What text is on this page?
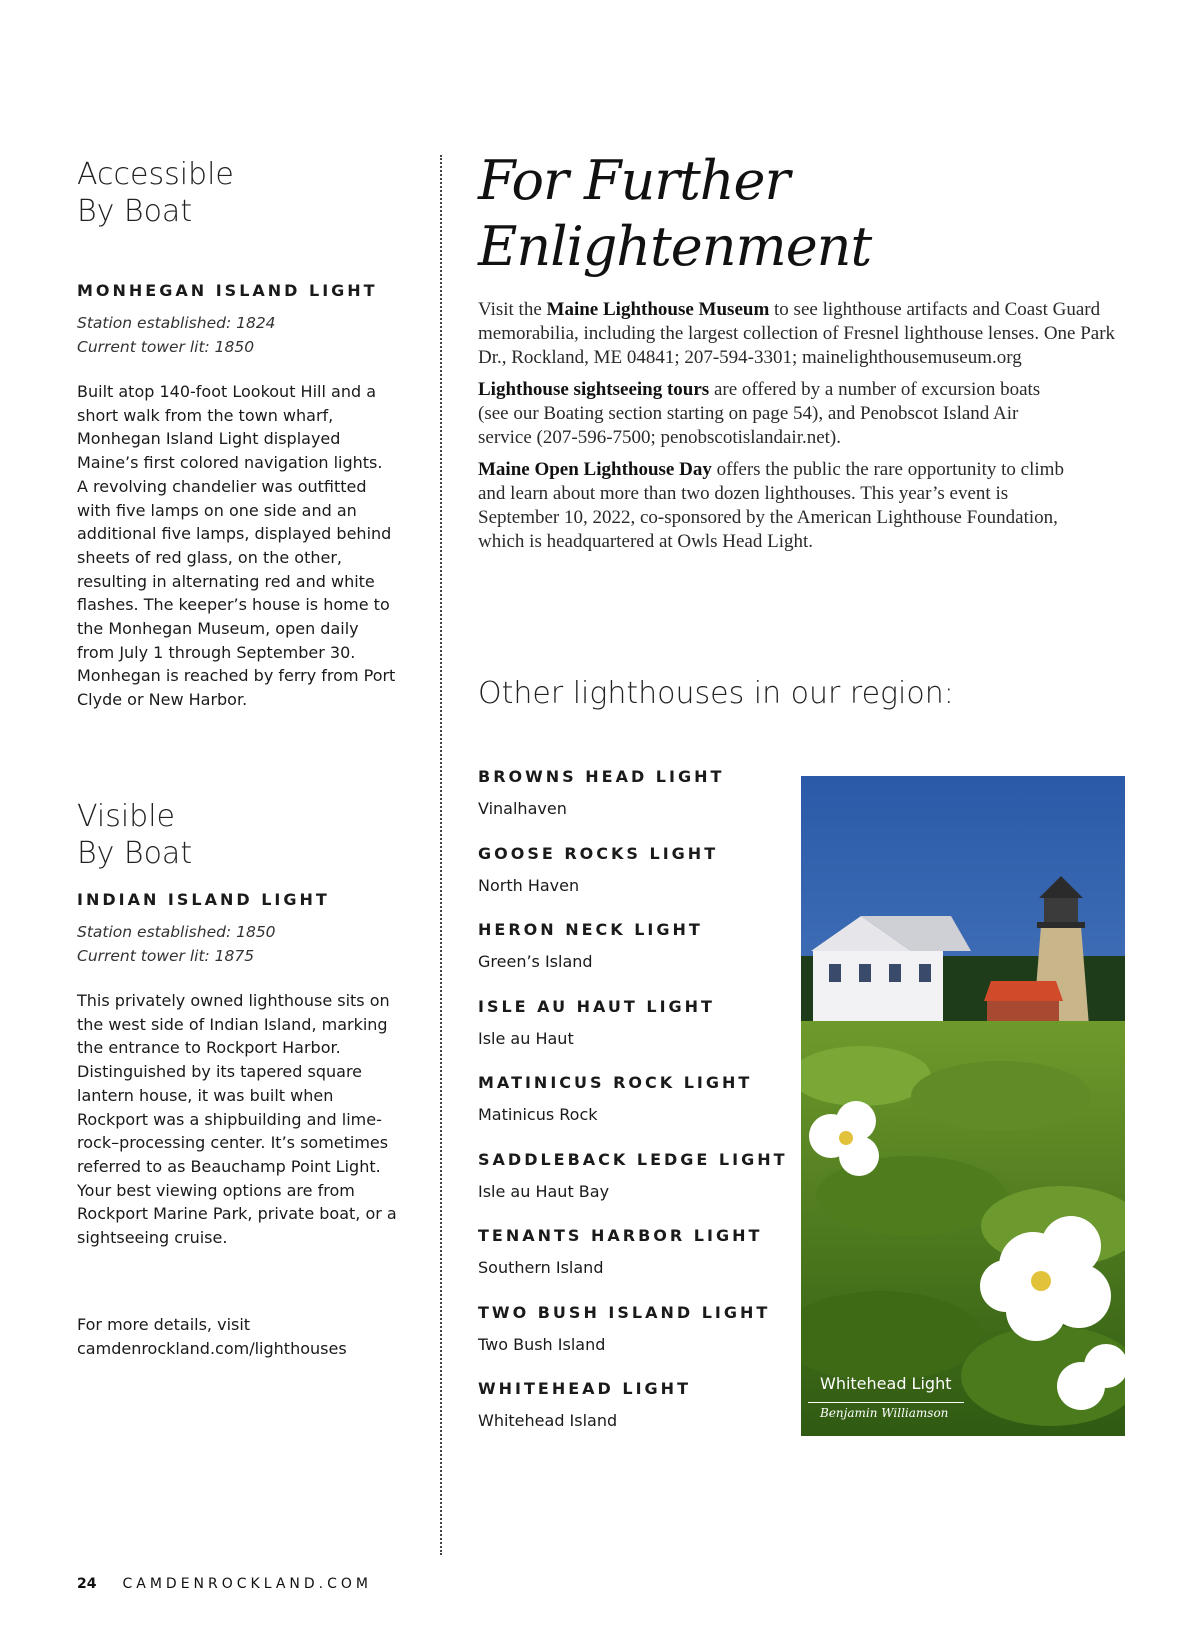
Accessible
By Boat
MONHEGAN ISLAND LIGHT
Station established: 1824
Current tower lit: 1850
Built atop 140-foot Lookout Hill and a short walk from the town wharf, Monhegan Island Light displayed Maine’s first colored navigation lights. A revolving chandelier was outfitted with five lamps on one side and an additional five lamps, displayed behind sheets of red glass, on the other, resulting in alternating red and white flashes. The keeper’s house is home to the Monhegan Museum, open daily from July 1 through September 30. Monhegan is reached by ferry from Port Clyde or New Harbor.
Visible
By Boat
INDIAN ISLAND LIGHT
Station established: 1850
Current tower lit: 1875
This privately owned lighthouse sits on the west side of Indian Island, marking the entrance to Rockport Harbor. Distinguished by its tapered square lantern house, it was built when Rockport was a shipbuilding and lime-rock–processing center. It’s sometimes referred to as Beauchamp Point Light. Your best viewing options are from Rockport Marine Park, private boat, or a sightseeing cruise.
For more details, visit
camdenrockland.com/lighthouses
For Further
Enlightenment

Visit the Maine Lighthouse Museum to see lighthouse artifacts and Coast Guard memorabilia, including the largest collection of Fresnel lighthouse lenses. One Park Dr., Rockland, ME 04841; 207-594-3301; mainelighthousemuseum.org

Lighthouse sightseeing tours are offered by a number of excursion boats (see our Boating section starting on page 54), and Penobscot Island Air service (207-596-7500; penobscotislandair.net).

Maine Open Lighthouse Day offers the public the rare opportunity to climb and learn about more than two dozen lighthouses. This year’s event is September 10, 2022, co-sponsored by the American Lighthouse Foundation, which is headquartered at Owls Head Light.

Other lighthouses in our region:
BROWNS HEAD LIGHT
Vinalhaven
GOOSE ROCKS LIGHT
North Haven
HERON NECK LIGHT
Green’s Island
ISLE AU HAUT LIGHT
Isle au Haut
MATINICUS ROCK LIGHT
Matinicus Rock
SADDLEBACK LEDGE LIGHT
Isle au Haut Bay
TENANTS HARBOR LIGHT
Southern Island
TWO BUSH ISLAND LIGHT
Two Bush Island
WHITEHEAD LIGHT
Whitehead Island
Whitehead Light
Benjamin Williamson
24 CAMDENROCKLAND.COM
